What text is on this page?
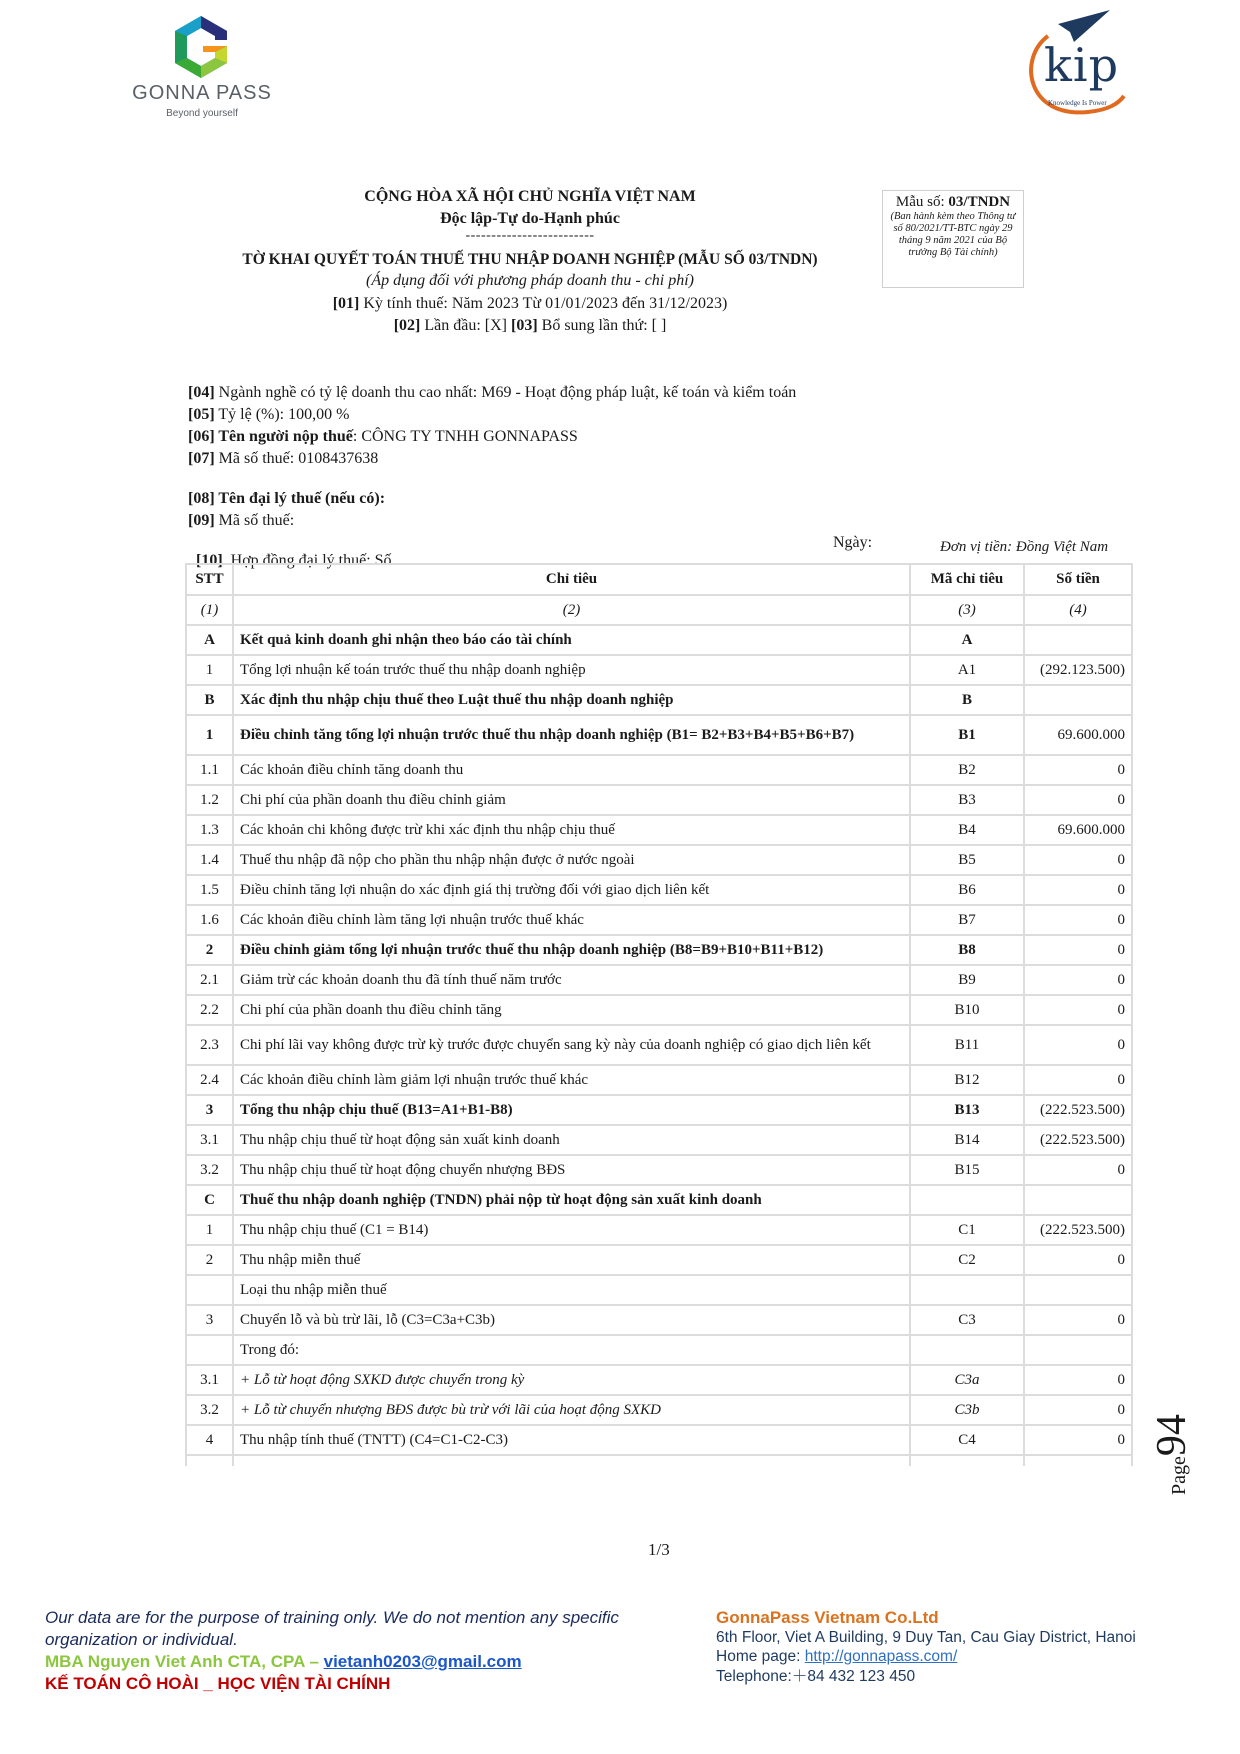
GONNA PASS
Beyond yourself
kip
Knowledge Is Power
CỘNG HÒA XÃ HỘI CHỦ NGHĨA VIỆT NAM
Độc lập-Tự do-Hạnh phúc
-------------------------
TỜ KHAI QUYẾT TOÁN THUẾ THU NHẬP DOANH NGHIỆP (MẪU SỐ 03/TNDN)
(Áp dụng đối với phương pháp doanh thu - chi phí)
[01] Kỳ tính thuế: Năm 2023 Từ 01/01/2023 đến 31/12/2023)
[02] Lần đầu: [X] [03] Bổ sung lần thứ: [ ]
Mẫu số: 03/TNDN
(Ban hành kèm theo Thông tư số 80/2021/TT-BTC ngày 29 tháng 9 năm 2021 của Bộ trưởng Bộ Tài chính)
[04] Ngành nghề có tỷ lệ doanh thu cao nhất: M69 - Hoạt động pháp luật, kế toán và kiểm toán
[05] Tỷ lệ (%): 100,00 %
[06] Tên người nộp thuế: CÔNG TY TNHH GONNAPASS
[07] Mã số thuế: 0108437638
[08] Tên đại lý thuế (nếu có):
[09] Mã số thuế:

[10]  Hợp đồng đại lý thuế: Số

Ngày:	Đơn vị tiền: Đồng Việt Nam
STT	Chỉ tiêu	Mã chỉ tiêu	Số tiền
(1)	(2)	(3)	(4)
A	Kết quả kinh doanh ghi nhận theo báo cáo tài chính	A	
1	Tổng lợi nhuận kế toán trước thuế thu nhập doanh nghiệp	A1	(292.123.500)
B	Xác định thu nhập chịu thuế theo Luật thuế thu nhập doanh nghiệp	B	
1	Điều chỉnh tăng tổng lợi nhuận trước thuế thu nhập doanh nghiệp (B1= B2+B3+B4+B5+B6+B7)	B1	69.600.000
1.1	Các khoản điều chỉnh tăng doanh thu	B2	0
1.2	Chi phí của phần doanh thu điều chỉnh giảm	B3	0
1.3	Các khoản chi không được trừ khi xác định thu nhập chịu thuế	B4	69.600.000
1.4	Thuế thu nhập đã nộp cho phần thu nhập nhận được ở nước ngoài	B5	0
1.5	Điều chỉnh tăng lợi nhuận do xác định giá thị trường đối với giao dịch liên kết	B6	0
1.6	Các khoản điều chỉnh làm tăng lợi nhuận trước thuế khác	B7	0
2	Điều chỉnh giảm tổng lợi nhuận trước thuế thu nhập doanh nghiệp (B8=B9+B10+B11+B12)	B8	0
2.1	Giảm trừ các khoản doanh thu đã tính thuế năm trước	B9	0
2.2	Chi phí của phần doanh thu điều chỉnh tăng	B10	0
2.3	Chi phí lãi vay không được trừ kỳ trước được chuyển sang kỳ này của doanh nghiệp có giao dịch liên kết	B11	0
2.4	Các khoản điều chỉnh làm giảm lợi nhuận trước thuế khác	B12	0
3	Tổng thu nhập chịu thuế (B13=A1+B1-B8)	B13	(222.523.500)
3.1	Thu nhập chịu thuế từ hoạt động sản xuất kinh doanh	B14	(222.523.500)
3.2	Thu nhập chịu thuế từ hoạt động chuyển nhượng BĐS	B15	0
C	Thuế thu nhập doanh nghiệp (TNDN) phải nộp từ hoạt động sản xuất kinh doanh		
1	Thu nhập chịu thuế (C1 = B14)	C1	(222.523.500)
2	Thu nhập miễn thuế	C2	0
	Loại thu nhập miễn thuế		
3	Chuyển lỗ và bù trừ lãi, lỗ (C3=C3a+C3b)	C3	0
	Trong đó:		
3.1	+ Lỗ từ hoạt động SXKD được chuyển trong kỳ	C3a	0
3.2	+ Lỗ từ chuyển nhượng BĐS được bù trừ với lãi của hoạt động SXKD	C3b	0
4	Thu nhập tính thuế (TNTT) (C4=C1-C2-C3)	C4	0

1/3
Page94
Our data are for the purpose of training only. We do not mention any specific organization or individual.
MBA Nguyen Viet Anh CTA, CPA – vietanh0203@gmail.com
KẾ TOÁN CÔ HOÀI _ HỌC VIỆN TÀI CHÍNH
GonnaPass Vietnam Co.Ltd
6th Floor, Viet A Building, 9 Duy Tan, Cau Giay District, Hanoi
Home page: http://gonnapass.com/
Telephone:＋84 432 123 450
